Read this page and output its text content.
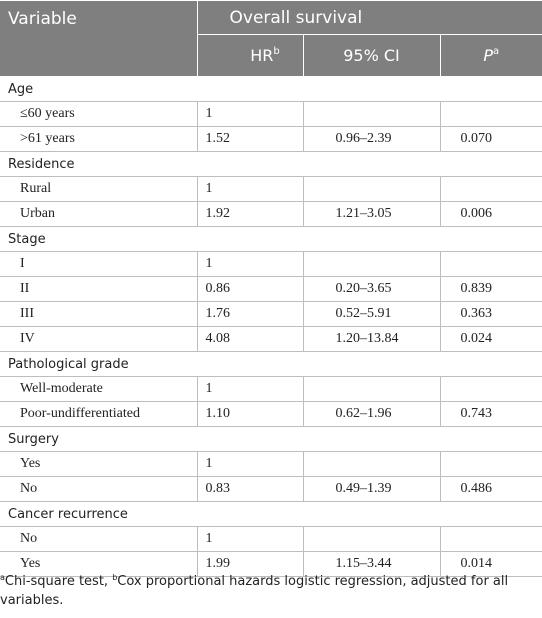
Variable	Overall survival		
	$HR^b$	95% CI	$P^a$
Age			
≤60 years	1		
>61 years	1.52	0.96–2.39	0.070
Residence			
Rural	1		
Urban	1.92	1.21–3.05	0.006
Stage			
I	1		
II	0.86	0.20–3.65	0.839
III	1.76	0.52–5.91	0.363
IV	4.08	1.20–13.84	0.024
Pathological grade			
Well-moderate	1		
Poor-undifferentiated	1.10	0.62–1.96	0.743
Surgery			
Yes	1		
No	0.83	0.49–1.39	0.486
Cancer recurrence			
No	1		
Yes	1.99	1.15–3.44	0.014
$^a$Chi-square test, $^b$Cox proportional hazards logistic regression, adjusted for all variables.
